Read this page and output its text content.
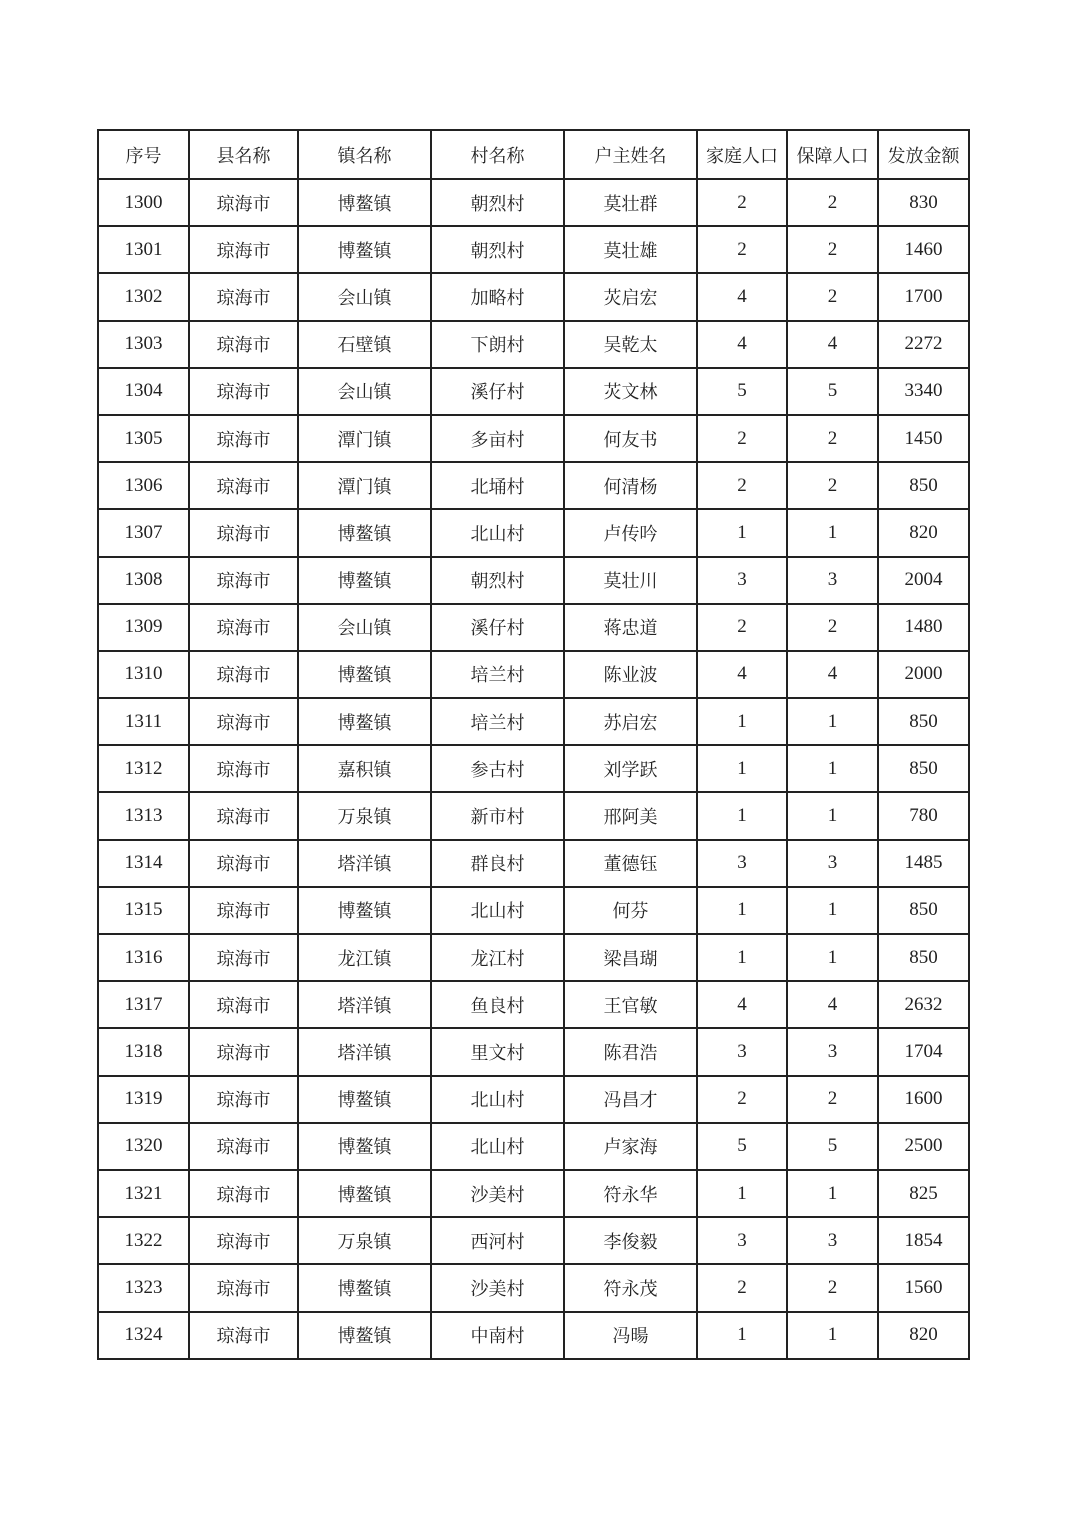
序号	县名称	镇名称	村名称	户主姓名	家庭人口	保障人口	发放金额
1300	琼海市	博鳌镇	朝烈村	莫壮群	2	2	830
1301	琼海市	博鳌镇	朝烈村	莫壮雄	2	2	1460
1302	琼海市	会山镇	加略村	苂启宏	4	2	1700
1303	琼海市	石壁镇	下朗村	吴乾太	4	4	2272
1304	琼海市	会山镇	溪仔村	苂文林	5	5	3340
1305	琼海市	潭门镇	多亩村	何友书	2	2	1450
1306	琼海市	潭门镇	北埇村	何清杨	2	2	850
1307	琼海市	博鳌镇	北山村	卢传吟	1	1	820
1308	琼海市	博鳌镇	朝烈村	莫壮川	3	3	2004
1309	琼海市	会山镇	溪仔村	蒋忠道	2	2	1480
1310	琼海市	博鳌镇	培兰村	陈业波	4	4	2000
1311	琼海市	博鳌镇	培兰村	苏启宏	1	1	850
1312	琼海市	嘉积镇	参古村	刘学跃	1	1	850
1313	琼海市	万泉镇	新市村	邢阿美	1	1	780
1314	琼海市	塔洋镇	群良村	董德钰	3	3	1485
1315	琼海市	博鳌镇	北山村	何芬	1	1	850
1316	琼海市	龙江镇	龙江村	梁昌瑚	1	1	850
1317	琼海市	塔洋镇	鱼良村	王官敏	4	4	2632
1318	琼海市	塔洋镇	里文村	陈君浩	3	3	1704
1319	琼海市	博鳌镇	北山村	冯昌才	2	2	1600
1320	琼海市	博鳌镇	北山村	卢家海	5	5	2500
1321	琼海市	博鳌镇	沙美村	符永华	1	1	825
1322	琼海市	万泉镇	西河村	李俊毅	3	3	1854
1323	琼海市	博鳌镇	沙美村	符永茂	2	2	1560
1324	琼海市	博鳌镇	中南村	冯暘	1	1	820
